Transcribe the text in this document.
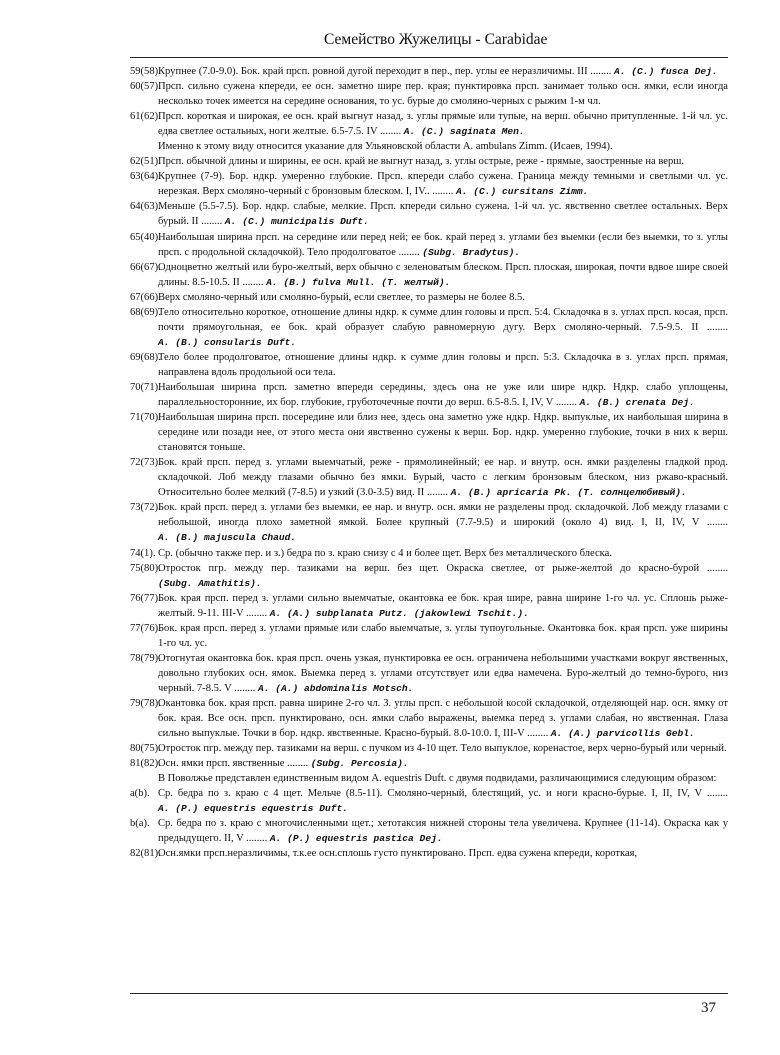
Семейство Жужелицы - Carabidae
59(58) . Крупнее (7.0-9.0). Бок. край прсп. ровной дугой переходит в пер., пер. углы ее неразличимы. III ........ A. (C.) fusca Dej.
60(57) . Прсп. сильно сужена кпереди, ее осн. заметно шире пер. края; пунктировка прсп. занимает только осн. ямки, если иногда несколько точек имеется на середине основания, то ус. бурые до смоляно-черных с рыжим 1-м чл.
61(62) . Прсп. короткая и широкая, ее осн. край выгнут назад, з. углы прямые или тупые, на верш. обычно притупленные. 1-й чл. ус. едва светлее остальных, ноги желтые. 6.5-7.5. IV ........ A. (C.) saginata Men.
Именно к этому виду относится указание для Ульяновской области A. ambulans Zimm. (Исаев, 1994).
62(51) . Прсп. обычной длины и ширины, ее осн. край не выгнут назад, з. углы острые, реже - прямые, заостренные на верш.
63(64) . Крупнее (7-9). Бор. ндкр. умеренно глубокие. Прсп. кпереди слабо сужена. Граница между темными и светлыми чл. ус. нерезкая. Верх смоляно-черный с бронзовым блеском. I, IV.. ........ A. (C.) cursitans Zimm.
64(63) . Меньше (5.5-7.5). Бор. ндкр. слабые, мелкие. Прсп. кпереди сильно сужена. 1-й чл. ус. явственно светлее остальных. Верх бурый. II ........ A. (C.) municipalis Duft.
65(40) . Наибольшая ширина прсп. на середине или перед ней; ее бок. край перед з. углами без выемки (если без выемки, то з. углы прсп. с продольной складочкой). Тело продолговатое ........ (Subg. Bradytus).
66(67) . Одноцветно желтый или буро-желтый, верх обычно с зеленоватым блеском. Прсп. плоская, широкая, почти вдвое шире своей длины. 8.5-10.5. II ........ A. (B.) fulva Mull. (T. желтый).
67(66) . Верх смоляно-черный или смоляно-бурый, если светлее, то размеры не более 8.5.
68(69) . Тело относительно короткое, отношение длины ндкр. к сумме длин головы и прсп. 5:4. Складочка в з. углах прсп. косая, прсп. почти прямоугольная, ее бок. край образует слабую равномерную дугу. Верх смоляно-черный. 7.5-9.5. II ........ A. (B.) consularis Duft.
69(68) . Тело более продолговатое, отношение длины ндкр. к сумме длин головы и прсп. 5:3. Складочка в з. углах прсп. прямая, направлена вдоль продольной оси тела.
70(71) . Наибольшая ширина прсп. заметно впереди середины, здесь она не уже или шире ндкр. Ндкр. слабо уплощены, параллельносторонние, их бор. глубокие, груботочечные почти до верш. 6.5-8.5. I, IV, V ........ A. (B.) crenata Dej.
71(70) . Наибольшая ширина прсп. посередине или близ нее, здесь она заметно уже ндкр. Ндкр. выпуклые, их наибольшая ширина в середине или позади нее, от этого места они явственно сужены к верш. Бор. ндкр. умеренно глубокие, точки в них к верш. становятся тоньше.
72(73) . Бок. край прсп. перед з. углами выемчатый, реже - прямолинейный; ее нар. и внутр. осн. ямки разделены гладкой прод. складочкой. Лоб между глазами обычно без ямки. Бурый, часто с легким бронзовым блеском, низ ржаво-красный. Относительно более мелкий (7-8.5) и узкий (3.0-3.5) вид. II ........ A. (B.) apricaria Pk. (T. солнцелюбивый).
73(72) . Бок. край прсп. перед з. углами без выемки, ее нар. и внутр. осн. ямки не разделены прод. складочкой. Лоб между глазами с небольшой, иногда плохо заметной ямкой. Более крупный (7.7-9.5) и широкий (около 4) вид. I, II, IV, V ........ A. (B.) majuscula Chaud.
74(1) . Ср. (обычно также пер. и з.) бедра по з. краю снизу с 4 и более щет. Верх без металлического блеска.
75(80) . Отросток пгр. между пер. тазиками на верш. без щет. Окраска светлее, от рыже-желтой до красно-бурой ........ (Subg. Amathitis).
76(77) . Бок. края прсп. перед з. углами сильно выемчатые, окантовка ее бок. края шире, равна ширине 1-го чл. ус. Сплошь рыже-желтый. 9-11. III-V ........ A. (A.) subplanata Putz. (jakowlewi Tschit.).
77(76) . Бок. края прсп. перед з. углами прямые или слабо выемчатые, з. углы тупоугольные. Окантовка бок. края прсп. уже ширины 1-го чл. ус.
78(79) . Отогнутая окантовка бок. края прсп. очень узкая, пунктировка ее осн. ограничена небольшими участками вокруг явственных, довольно глубоких осн. ямок. Выемка перед з. углами отсутствует или едва намечена. Буро-желтый до темно-бурого, низ черный. 7-8.5. V ........ A. (A.) abdominalis Motsch.
79(78) . Окантовка бок. края прсп. равна ширине 2-го чл. З. углы прсп. с небольшой косой складочкой, отделяющей нар. осн. ямку от бок. края. Все осн. прсп. пунктировано, осн. ямки слабо выражены, выемка перед з. углами слабая, но явственная. Глаза сильно выпуклые. Точки в бор. ндкр. явственные. Красно-бурый. 8.0-10.0. I, III-V ........ A. (A.) parvicollis Gebl.
80(75) . Отросток пгр. между пер. тазиками на верш. с пучком из 4-10 щет. Тело выпуклое, коренастое, верх черно-бурый или черный.
81(82) . Осн. ямки прсп. явственные ........ (Subg. Percosia).
В Поволжье представлен единственным видом A. equestris Duft. с двумя подвидами, различающимися следующим образом:
a(b) . Ср. бедра по з. краю с 4 щет. Мельче (8.5-11). Смоляно-черный, блестящий, ус. и ноги красно-бурые. I, II, IV, V ........ A. (P.) equestris equestris Duft.
b(a) . Ср. бедра по з. краю с многочисленными щет.; хетотаксия нижней стороны тела увеличена. Крупнее (11-14). Окраска как у предыдущего. II, V ........ A. (P.) equestris pastica Dej.
82(81) . Осн.ямки прсп.неразличимы, т.к.ее осн.сплошь густо пунктировано. Прсп. едва сужена кпереди, короткая,
37
